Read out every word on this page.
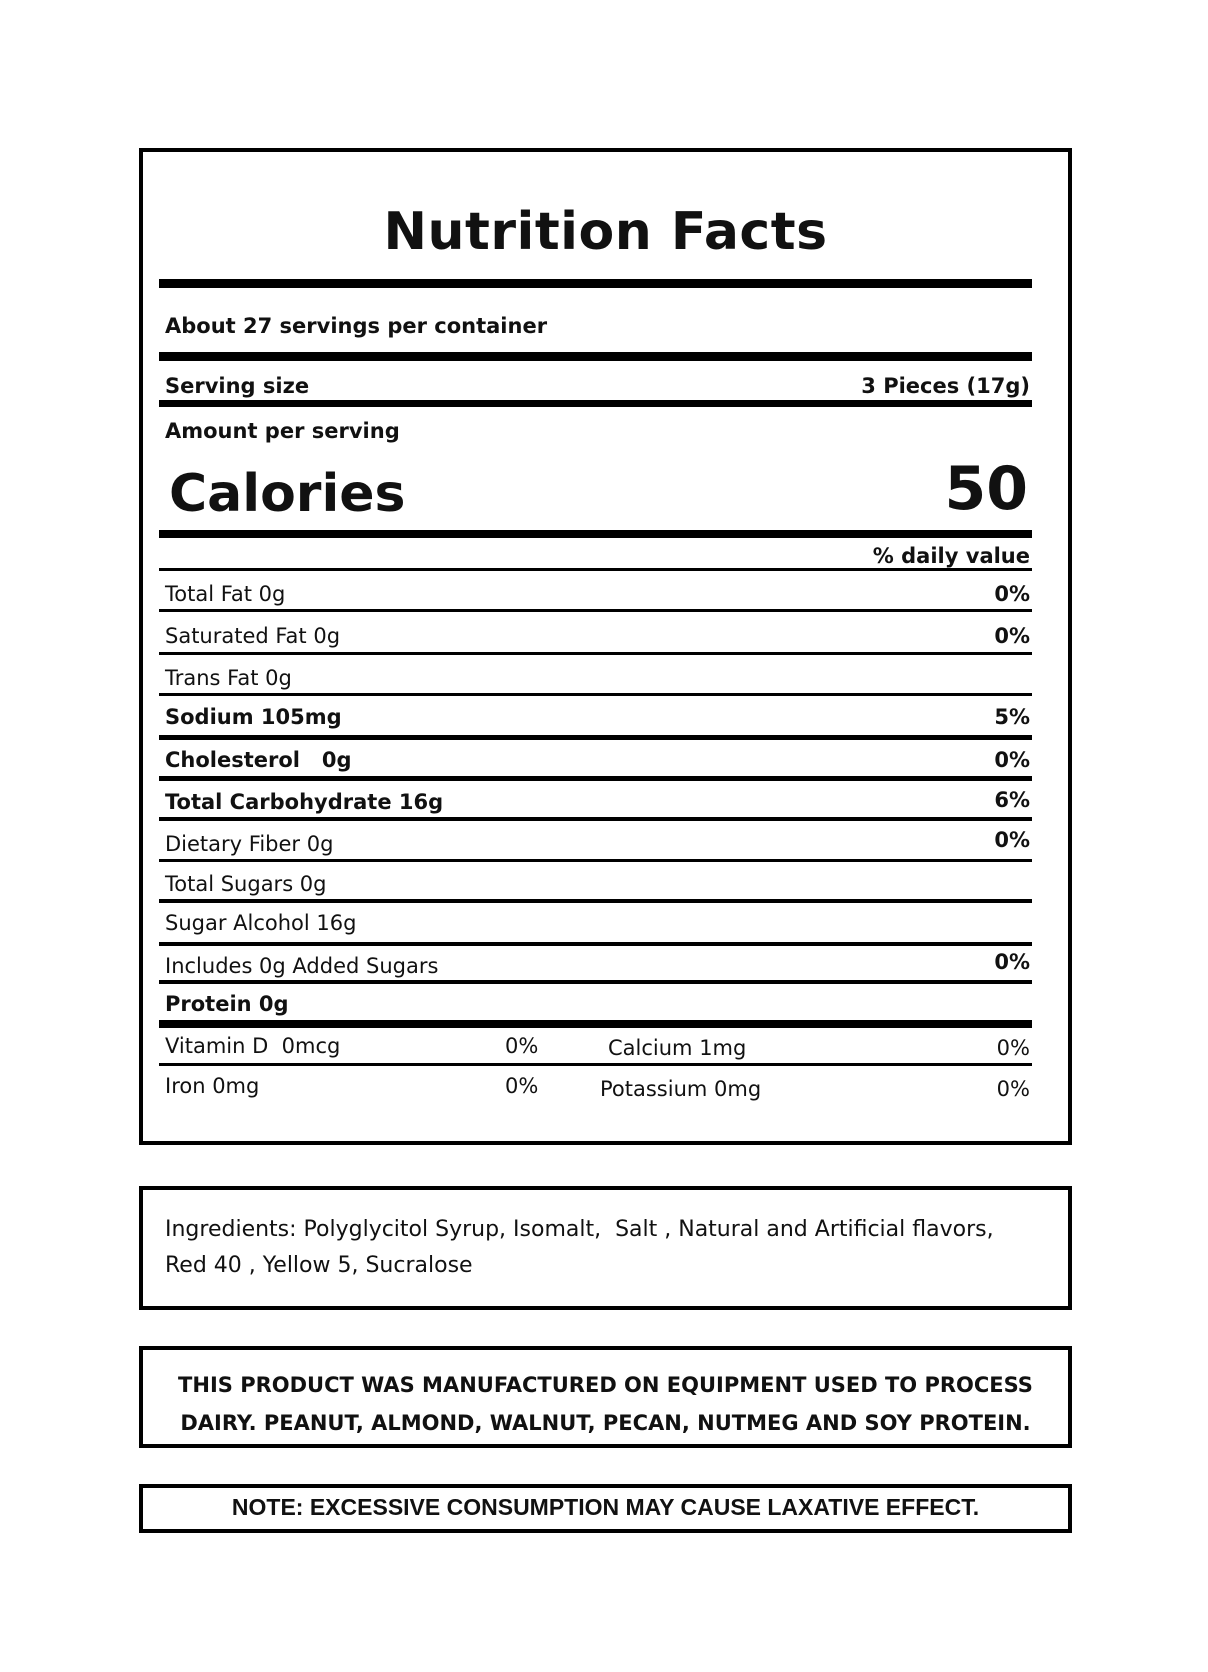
Nutrition Facts
About 27 servings per container
Serving size	3 Pieces (17g)
Amount per serving
Calories	50
% daily value
Total Fat 0g	0%
Saturated Fat 0g	0%
Trans Fat 0g
Sodium 105mg	5%
Cholesterol   0g	0%
Total Carbohydrate 16g	6%
Dietary Fiber 0g	0%
Total Sugars 0g
Sugar Alcohol 16g
Includes 0g Added Sugars	0%
Protein 0g
Vitamin D  0mcg	0%	Calcium 1mg	0%
Iron 0mg	0%	Potassium 0mg	0%
Ingredients: Polyglycitol Syrup, Isomalt,  Salt , Natural and Artificial flavors,
Red 40 , Yellow 5, Sucralose
THIS PRODUCT WAS MANUFACTURED ON EQUIPMENT USED TO PROCESS
DAIRY. PEANUT, ALMOND, WALNUT, PECAN, NUTMEG AND SOY PROTEIN.
NOTE: EXCESSIVE CONSUMPTION MAY CAUSE LAXATIVE EFFECT.
